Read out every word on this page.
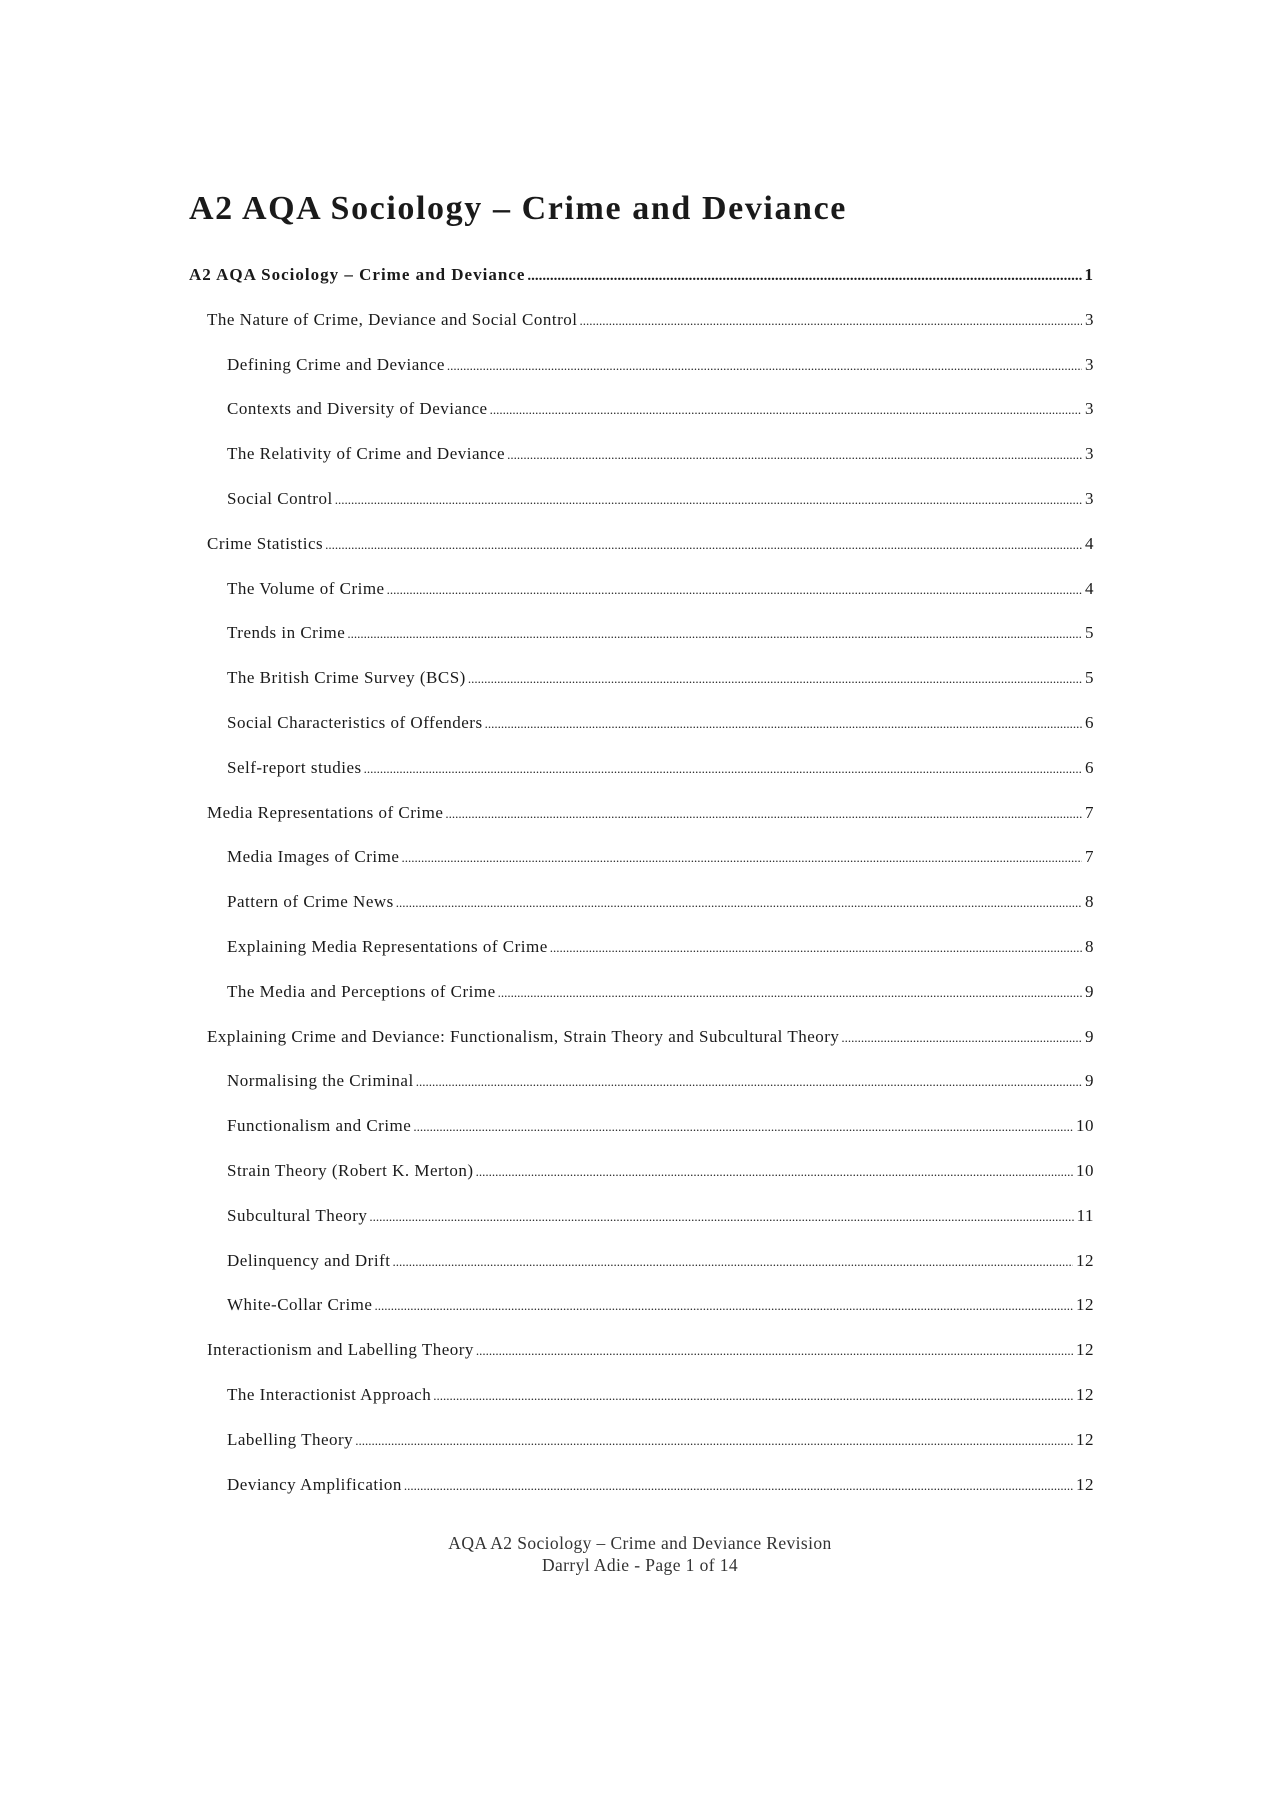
A2 AQA Sociology – Crime and Deviance
A2 AQA Sociology – Crime and Deviance .....	1
The Nature of Crime, Deviance and Social Control .....	3
Defining Crime and Deviance .....	3
Contexts and Diversity of Deviance .....	3
The Relativity of Crime and Deviance .....	3
Social Control .....	3
Crime Statistics .....	4
The Volume of Crime .....	4
Trends in Crime .....	5
The British Crime Survey (BCS) .....	5
Social Characteristics of Offenders .....	6
Self-report studies .....	6
Media Representations of Crime .....	7
Media Images of Crime .....	7
Pattern of Crime News .....	8
Explaining Media Representations of Crime .....	8
The Media and Perceptions of Crime .....	9
Explaining Crime and Deviance: Functionalism, Strain Theory and Subcultural Theory .....	9
Normalising the Criminal .....	9
Functionalism and Crime .....	10
Strain Theory (Robert K. Merton) .....	10
Subcultural Theory .....	11
Delinquency and Drift .....	12
White-Collar Crime .....	12
Interactionism and Labelling Theory .....	12
The Interactionist Approach .....	12
Labelling Theory .....	12
Deviancy Amplification .....	12
AQA A2 Sociology – Crime and Deviance Revision
Darryl Adie - Page 1 of 14
